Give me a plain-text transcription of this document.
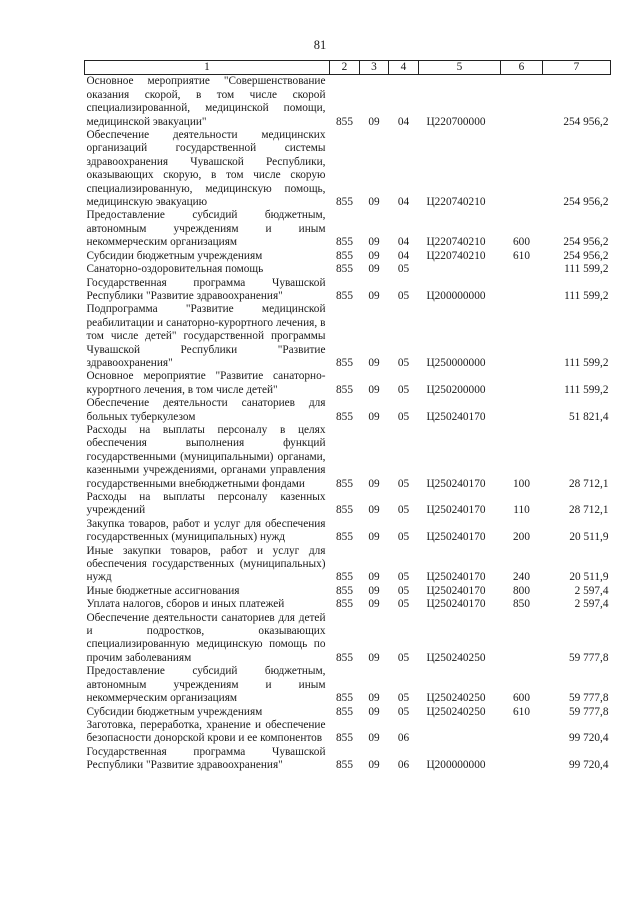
81
1	2	3	4	5	6	7
Основное мероприятие "Совершенствование оказания скорой, в том числе скорой специализированной, медицинской помощи, медицинской эвакуации"	855	09	04	Ц220700000		254 956,2
Обеспечение деятельности медицинских организаций государственной системы здравоохранения Чувашской Республики, оказывающих скорую, в том числе скорую специализированную, медицинскую помощь, медицинскую эвакуацию	855	09	04	Ц220740210		254 956,2
Предоставление субсидий бюджетным, автономным учреждениям и иным некоммерческим организациям	855	09	04	Ц220740210	600	254 956,2
Субсидии бюджетным учреждениям	855	09	04	Ц220740210	610	254 956,2
Санаторно-оздоровительная помощь	855	09	05			111 599,2
Государственная программа Чувашской Республики "Развитие здравоохранения"	855	09	05	Ц200000000		111 599,2
Подпрограмма "Развитие медицинской реабилитации и санаторно-курортного лечения, в том числе детей" государственной программы Чувашской Республики "Развитие здравоохранения"	855	09	05	Ц250000000		111 599,2
Основное мероприятие "Развитие санаторно-курортного лечения, в том числе детей"	855	09	05	Ц250200000		111 599,2
Обеспечение деятельности санаториев для больных туберкулезом	855	09	05	Ц250240170		51 821,4
Расходы на выплаты персоналу в целях обеспечения выполнения функций государственными (муниципальными) органами, казенными учреждениями, органами управления государственными внебюджетными фондами	855	09	05	Ц250240170	100	28 712,1
Расходы на выплаты персоналу казенных учреждений	855	09	05	Ц250240170	110	28 712,1
Закупка товаров, работ и услуг для обеспечения государственных (муниципальных) нужд	855	09	05	Ц250240170	200	20 511,9
Иные закупки товаров, работ и услуг для обеспечения государственных (муниципальных) нужд	855	09	05	Ц250240170	240	20 511,9
Иные бюджетные ассигнования	855	09	05	Ц250240170	800	2 597,4
Уплата налогов, сборов и иных платежей	855	09	05	Ц250240170	850	2 597,4
Обеспечение деятельности санаториев для детей и подростков, оказывающих специализированную медицинскую помощь по прочим заболеваниям	855	09	05	Ц250240250		59 777,8
Предоставление субсидий бюджетным, автономным учреждениям и иным некоммерческим организациям	855	09	05	Ц250240250	600	59 777,8
Субсидии бюджетным учреждениям	855	09	05	Ц250240250	610	59 777,8
Заготовка, переработка, хранение и обеспечение безопасности донорской крови и ее компонентов	855	09	06			99 720,4
Государственная программа Чувашской Республики "Развитие здравоохранения"	855	09	06	Ц200000000		99 720,4
